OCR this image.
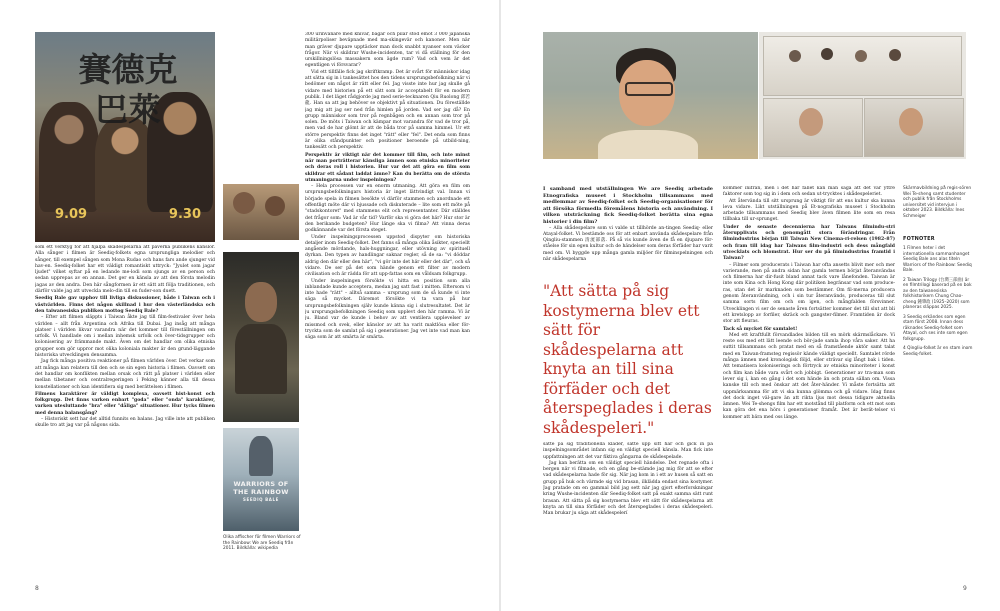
賽德克巴萊
9.09	9.30
WARRIORS OF THE RAINBOW
SEEDIQ BALE
Olika affischer för filmen Warriors of the Rainbow: We are Seediq från 2011. Bildkälla: wikipedia

som ett verktyg för att hjälpa skådespelarna att påverka publikens känslor. Alla sånger i filmen är Seediq-folkets egna ursprungliga melodier och sånger, till exempel sången som Mona Rudao och hans fars ande sjunger vid hav-en. Seediq-folket har ett väldigt romantiskt uttryck: "Jyulet som jagar ljudet" vilket syftar på en ledande me-lodi som sjungs av en person och sedan upprepas av en annan. Det ger en känsla av att den första melodin jagas av den andra. Den här sångformen är ett sätt att följa traditionen, och därför valde jag att utveckla melo-din till en fuder-son duett.

Seediq Bale gav upphov till livliga diskussioner, både i Taiwan och i västvärlden. Finns det någon skillnad i hur den västerländska och den taiwanesiska publiken mottog Seediq Bale?

– Efter att filmen släppts i Taiwan åkte jag till film-festivaler över hela världen – allt från Argentina och Afrika till Dubai. Jag insåg att många platser i världen likvar varandra när det kommer till föreställningen om urfolk. Vi handlade om i mellan inhemsk urfolk och över-tidsgrupper och kolonisering av främmande makt. Även om det handlar om olika etniska grupper som gör uppror mot olika koloniala makter är den grund-läggande historiska utvecklingen densamma.

Jag fick många positiva reaktioner på filmen världen över. Det verkar som att många kan relatera till den och se sin egen historia i filmen. Oavsett om det handlar om konflikten mellan orsak och rätt på platser i världen eller mellan tibetaner och centralregeringen i Peking känner alla till dessa konstellationer och kan identifiera sig med berättelsen i filmen.

Filmens karaktärer är väldigt komplexa, oavsett hist-konst och folkgrupp. Det finns varken enbart "goda" eller "onda" karaktärer, varken utesluttande "bra" eller "dåliga" situationer. Hur tycks filmen med denna balansgång?

– Historiskt sett har det alltid funnits en balans. Jag ville inte att publiken skulle tro att jag var på någons sida.

300 urinvånare med knivar, bågar och pilar stod emot 3 000 japanska militärpoliser beväpnade med ma-skingevär och kanoner. Men när man gräver djupare upptäcker man dock snabbt nyanser som väcker frågor. När vi skildrar Wushe-incidenten, tar vi då ställning för den urskillningslösa massakern som ägde rum? Vad och vem är det egentligen vi försvarar?

Vid ett tillfälle fick jag skriftkramp. Det är svårt för människor idag att sätta sig in i tankesättet hos den tidens ursprungsbefolkning när vi bedömer om något är rätt eller fel. Jag visste inte hur jag skulle gå vidare med historien på ett sätt som är acceptabelt för en modern publik. I det läget rådgjorde jag med serie-tecknaren Qiu Ruolong 邱若龍. Han sa att jag behöver se objektivt på situationen. Du föreställde jag mig att jag ser ned från himlen på jorden. Vad ser jag då? En grupp människor som tror på regnbågen och en annan som tror på solen. De möts i Taiwan och kämpar mot varandra för vad de tror på, men vad de har glömt är att de båda tror på samma himmel. Ur ett större perspektiv finns det inget "rätt" eller "fel". Det enda som finns är olika ståndpunkter och positioner beroende på utbild-ning, tankesätt och perspektiv.

Perspektiv är viktigt när det kommer till film, och inte minst när man porträtterar känsliga ämnen som etniska minoriteter och deras roll i historien. Hur var det att göra en film som skildrar ett sådant laddat ämne? Kan du berätta om de största utmaningarna under inspelningen?

– Hela processen var en enorm utmaning. Att göra en film om ursprungsbefolkningars historia är inget lättvindigt val. Innan vi började spela in filmen besökte vi därför stammen och anordnade ett offentligt möte där vi bjussade och diskuterade – lite som ett möte på "stadskontoret" med stammens elit och representanter. Där ställdes det frågor som: Vad är vår tid? Varför ska vi göra det här? Hur stor är den berikande budgeten? Hur länge ska vi filma? Att vinna deras godkännande var det första steget.

Under inspelningsprocessen uppstod dispyter om historiska detaljer inom Seediq-folket. Det fanns så många olika åsikter, speciellt angående mördande, hals-huggningar, eller utövning av spirituell dyrkan. Den typen av handlingar saknar regler, så de sa: "vi döddar aldrig den där eller den här", "vi gör inte det här eller det där", och så vidare. De ser på det som hände genom ett filter av modern civilisation och är rädda för att upp-fattas som en våldsam folkgrupp.

Under inspelningen försökte vi hitta en position som alla inblandade kunde acceptera, medan jag satt fast i mitten. Eftersom vi inte hade "rätt" – alltså samma – ursprung som de så kunde vi inte säga så mycket. Däremot försökte vi ta vara på hur ursprungsbefolkningen själv kunde känna sig i slutresultatet. Det är ju ursprungsbefolkningen Seediq som upplevt den här ramma. Vi är ju. Bland var de kunde i behov av att ventilera upplevelser av missmod och svek, eller känslor av att ha varit maktlösa eller för-tryckta som de samlat på sig i generationer. Jag vet inte vad man kan säga som är att smärta är smärta.

8
Skärmavbildning på regis-sören Wei Te-sheng samt studenter och publik från Stockholms universitet vid intervjun i oktober 2023. Bildkälla: Ines Schmeiger

I samband med utställningen We are Seediq arbetade Etnografiska museet i Stockholm tillsammans med medlemmar av Seediq-folket och Seediq-organisationer för att försöka förmedla föremålens historia och användning. I vilken utsträckning fick Seediq-folket berätta sina egna historier i din film?

– Alla skådespelare som vi valde ut tillhörde an-tingen Seediq- eller Atayal-folket. Vi bestämde oss för att enbart använda skådespelare från Qingliu-stammen 清流部落. På så vis kunde även de få en djupare för-ståelse för sin egen kultur och de händelser som deras förfäder har varit med om. Vi byggde upp många gamla miljöer för filminspelningen och när skådespelarna

"Att sätta på sig kostymerna blev ett sätt för skådespelarna att knyta an till sina förfäder och det återspeglades i deras skådespeleri."

satte på sig traditionella kläder, satte upp sitt hår och gick in på inspelningsområdet infann sig en väldigt speciell känsla. Man fick inte uppfattningen att det var fiktiva gångarna de skådespelade.

Jag kan berätta om en väldigt speciell händelse. Det regnade ofta i bergen när vi filmade, och en gång be-stämde jag mig för att se efter vad skådespelarna hade för sig. När jag kom in i ett av husen så satt en grupp på huk och värmde sig vid brasan, ilklädda endast sina kostymer. Jag pratade om en gammal bild jag sett när jag gjort efterforskningar kring Wushe-incidenten där Seediq-folket satt på exakt samma sätt runt brasan. Att sätta på sig kostymerna blev ett sätt för skådespelarna att knyta an till sina förfäder och det återspeglades i deras skådespeleri. Man brukar ju säga att skådespelerí

kommer inifrån, men i det här fallet kan man säga att det var yttre faktorer som tog sig in i dem och sedan ut-trycktes i skådespeleriet.

Att återvända till sitt ursprung är viktigt för att ens kultur ska kunna leva vidare. Likt utställningen på Et-nografiska museet i Stockholm arbetade tillsammans med Seediq blev även filmen lite som en resa tillbaka till ur-sprunget.

Under de senaste decennierna har Taiwans filmindu-stri återupplivats och genomgått stora förändringar. Från filmindustrins början till Taiwan New Cinema-ri-relsen (1982–87) och fram till idag har Taiwans film-industri och dess mångfald utvecklats och blomstrat. Hur ser du på filmindustrins framtid i Taiwan?

– Filmer som producerats i Taiwan har ofta ansetts blivit mer och mer varierande, men på andra sidan har gamla termen börjat återanvändas och filmerna har dir-fusit bland annat tack vare lånefonden. Taiwan är inte som Kina och Hong Kong där politiken begränsar vad som produce-ras, utan det är marknaden som bestämmer. Om fil-merna producera genom återanvändning, och i sin tur återanvänds, produceras till slut samma sorts film om och om igen, och mångfalden försvinner. Utvecklingen vi ser de senaste åren fortsätter kommer det till slut att bli ett kretslopp av forfiler, skräck och gangster-filmer. Framtiden är dock stor att fleuras.

Tack så mycket för samtalet!

Med ett kraftfullt förvandlades bilden till en mörk skärmslåckare. Vi reste oss med ett lätt leende och bör-jade samla ihop våra saker. Att ha suttit tillsammans och pratat med en så framstående aktör samt talat med en Taiwan-framsteg regissör kände väldigt speciellt. Samtalet rörde många ämnen med kronologisk följd, eller strävar sig långt bak i tiden. Att tematisera koloniserings och förtryck av etniska minoriteter i konst och film kan både vara svårt och jobbigt. Generationer av tra-man som lever sig i, kan en gång i det som hände än och prata sällan om. Vissa kanske till och med önskar att det åter-händer. Vi måste fortsätta att uppmärksamma för att vi ska kunna glömma och gå vidare. Idag finns det dock inget väl-gare än att rikta ljus mot dessa tidigare aktuella ämnen. Wei Te-shengs film har ett motstånd till platform och ett mot som kan göra det ena hörs i generationer framåt. Det är berät-telser vi kommer att bära med oss länge.

FOTNOTER
1 Filmen heter i det internationella sammanhanget Seediq Bale ans alas titeln Warriors of the Rainbow: Seediq Bale.
2 Taiwan Trilogy (台灣三部曲) är en filmtrilogi baserad på en bok av den taiwanesiska folkhistorikern Chung Chao-cheng 鍾肇政 (1925–2020) som planeras släppas 2025.
3 Seediq erkändes som egen stam först 2008. Innan dess räknades Seediq-folket som Atayal, och ses inte som egen folkgrupp.
4 Qingliu-folket är en stam inom Seediq-folket.
9
